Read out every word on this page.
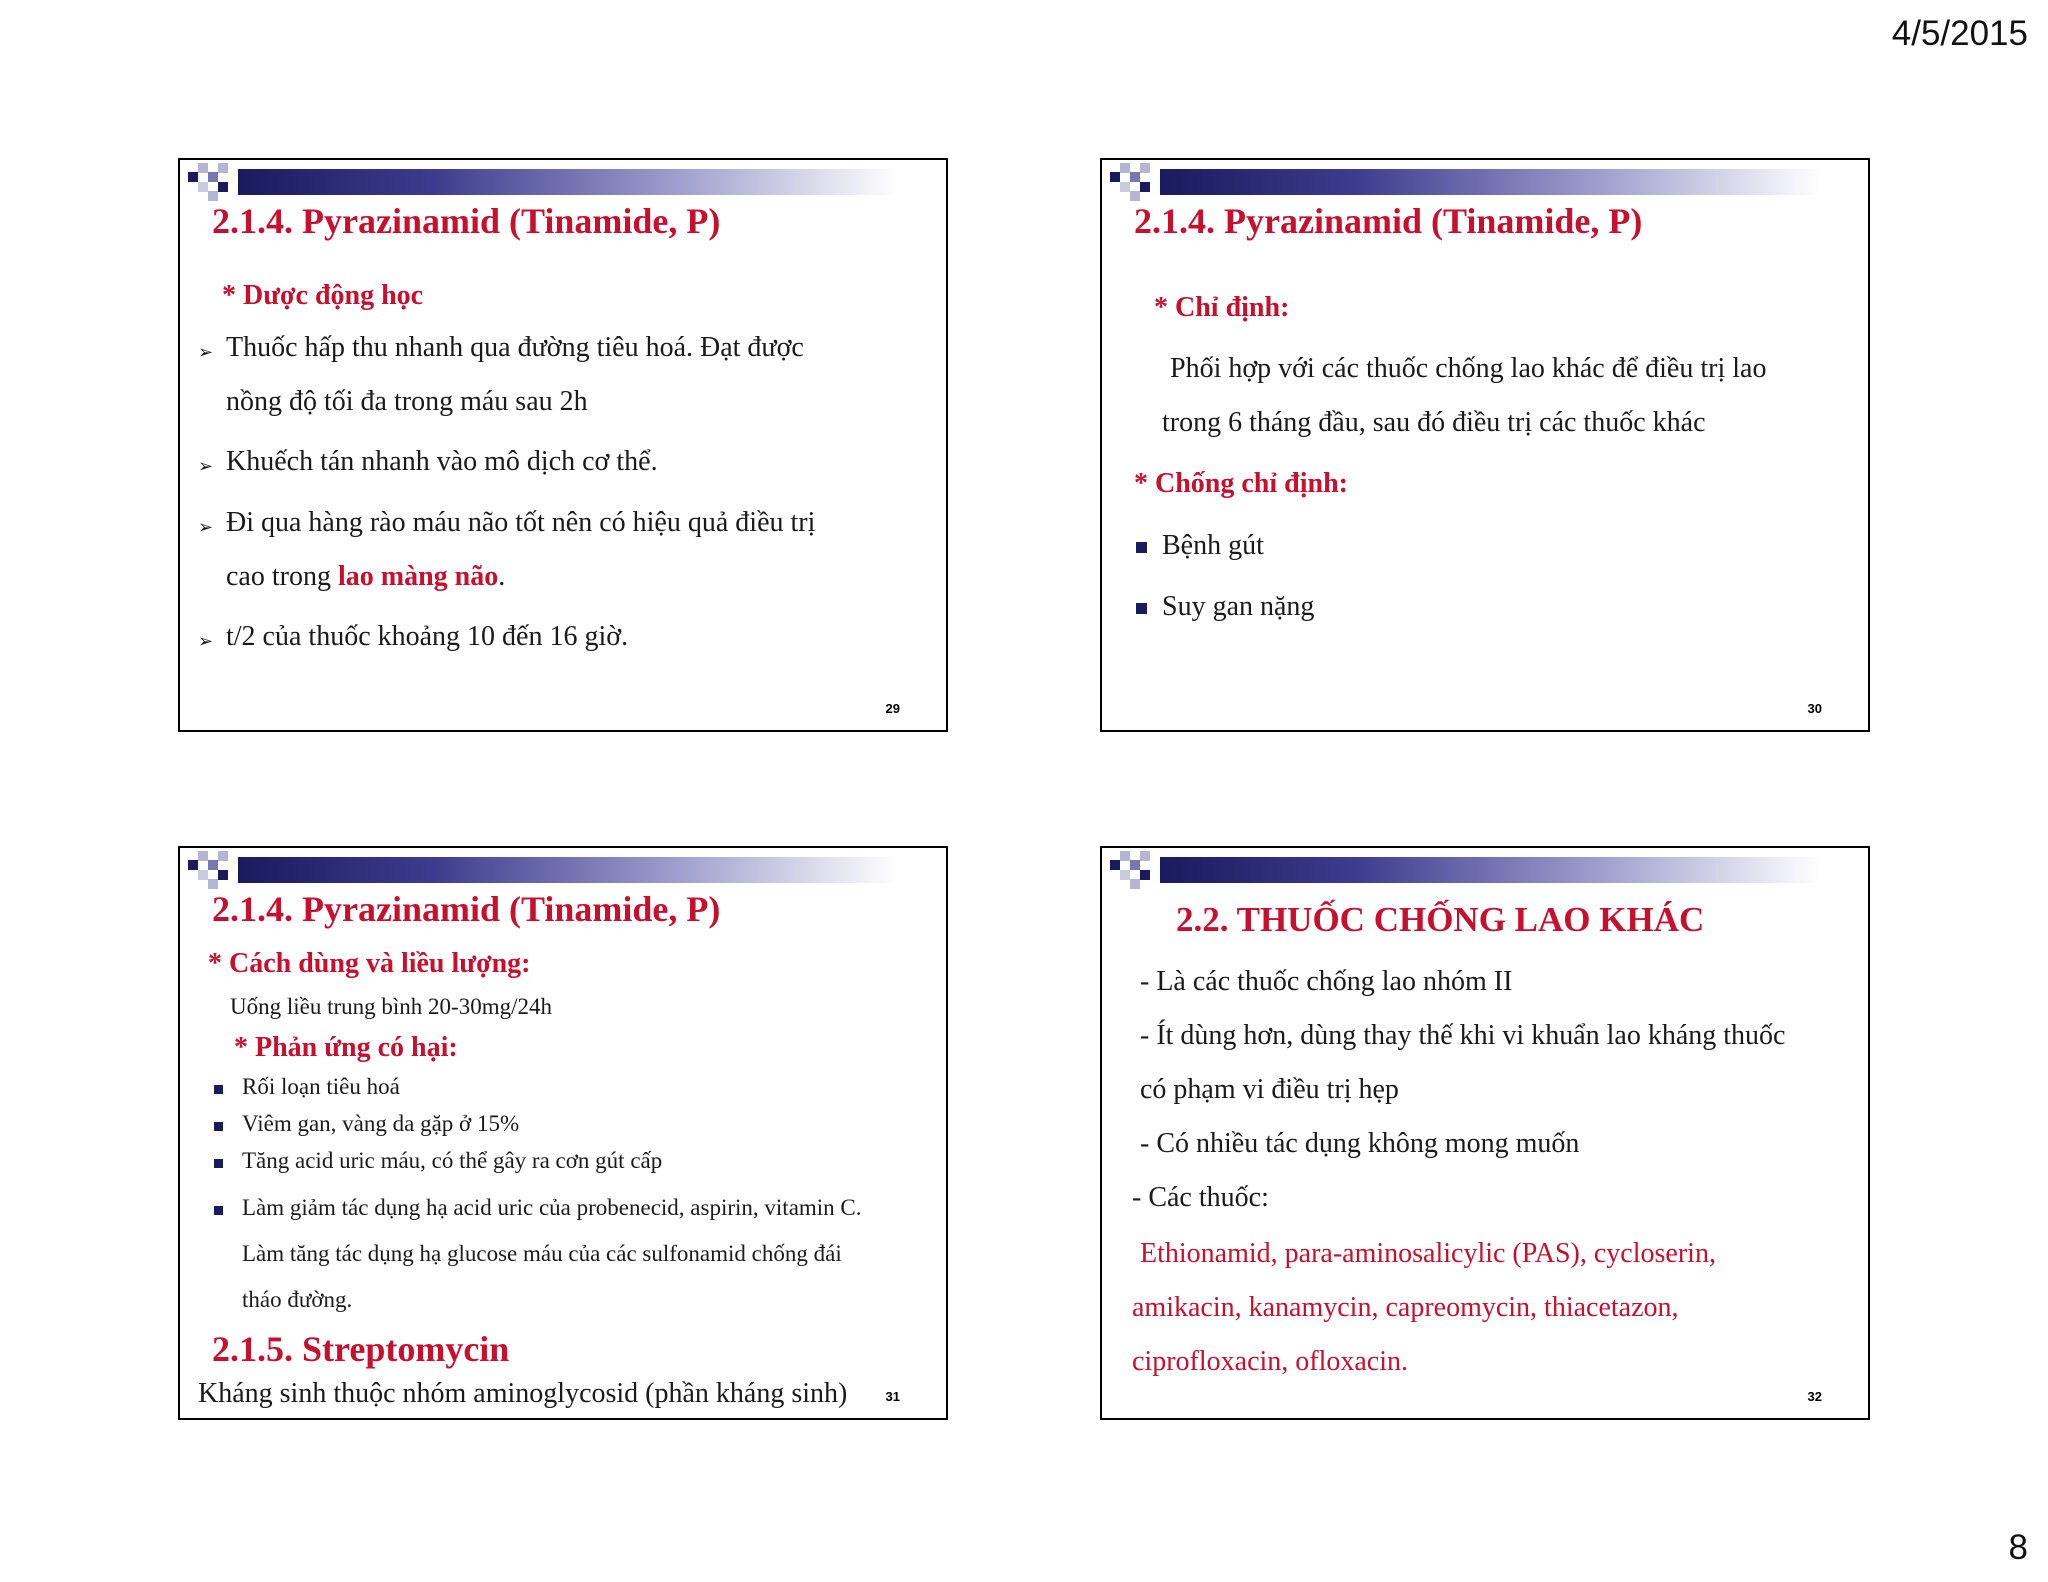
4/5/2015
8
2.1.4. Pyrazinamid (Tinamide, P)
* Dược động học
➢ Thuốc hấp thu nhanh qua đường tiêu hoá. Đạt được
nồng độ tối đa trong máu sau 2h
➢ Khuếch tán nhanh vào mô dịch cơ thể.
➢ Đi qua hàng rào máu não tốt nên có hiệu quả điều trị
cao trong lao màng não.
➢ t/2 của thuốc khoảng 10 đến 16 giờ.
29
2.1.4. Pyrazinamid (Tinamide, P)
* Chỉ định:
Phối hợp với các thuốc chống lao khác để điều trị lao
trong 6 tháng đầu, sau đó điều trị các thuốc khác
* Chống chỉ định:
Bệnh gút
Suy gan nặng
30
2.1.4. Pyrazinamid (Tinamide, P)
* Cách dùng và liều lượng:
Uống liều trung bình 20-30mg/24h
* Phản ứng có hại:
Rối loạn tiêu hoá
Viêm gan, vàng da gặp ở 15%
Tăng acid uric máu, có thể gây ra cơn gút cấp
Làm giảm tác dụng hạ acid uric của probenecid, aspirin, vitamin C.
Làm tăng tác dụng hạ glucose máu của các sulfonamid chống đái
tháo đường.
2.1.5. Streptomycin
Kháng sinh thuộc nhóm aminoglycosid (phần kháng sinh)	31
2.2. THUỐC CHỐNG LAO KHÁC
- Là các thuốc chống lao nhóm II
- Ít dùng hơn, dùng thay thế khi vi khuẩn lao kháng thuốc
có phạm vi điều trị hẹp
- Có nhiều tác dụng không mong muốn
- Các thuốc:
Ethionamid, para-aminosalicylic (PAS), cycloserin,
amikacin, kanamycin, capreomycin, thiacetazon,
ciprofloxacin, ofloxacin.
32
